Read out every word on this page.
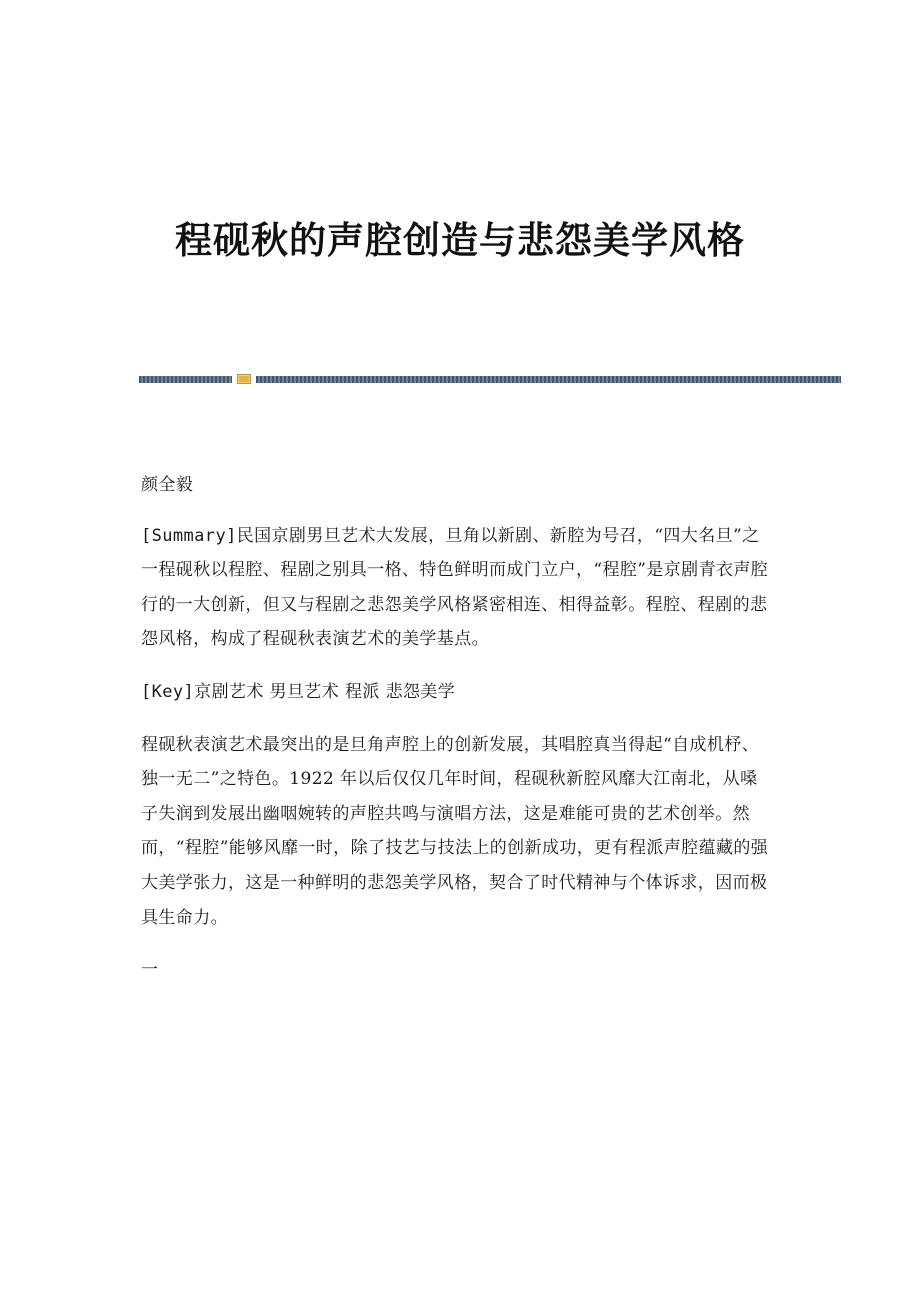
程砚秋的声腔创造与悲怨美学风格

颜全毅

[Summary]民国京剧男旦艺术大发展，旦角以新剧、新腔为号召，“四大名旦”之一程砚秋以程腔、程剧之别具一格、特色鲜明而成门立户，“程腔”是京剧青衣声腔行的一大创新，但又与程剧之悲怨美学风格紧密相连、相得益彰。程腔、程剧的悲怨风格，构成了程砚秋表演艺术的美学基点。

[Key]京剧艺术 男旦艺术 程派 悲怨美学

程砚秋表演艺术最突出的是旦角声腔上的创新发展，其唱腔真当得起“自成机杼、独一无二”之特色。1922 年以后仅仅几年时间，程砚秋新腔风靡大江南北，从嗓子失润到发展出幽咽婉转的声腔共鸣与演唱方法，这是难能可贵的艺术创举。然而，“程腔”能够风靡一时，除了技艺与技法上的创新成功，更有程派声腔蕴藏的强大美学张力，这是一种鲜明的悲怨美学风格，契合了时代精神与个体诉求，因而极具生命力。

一
